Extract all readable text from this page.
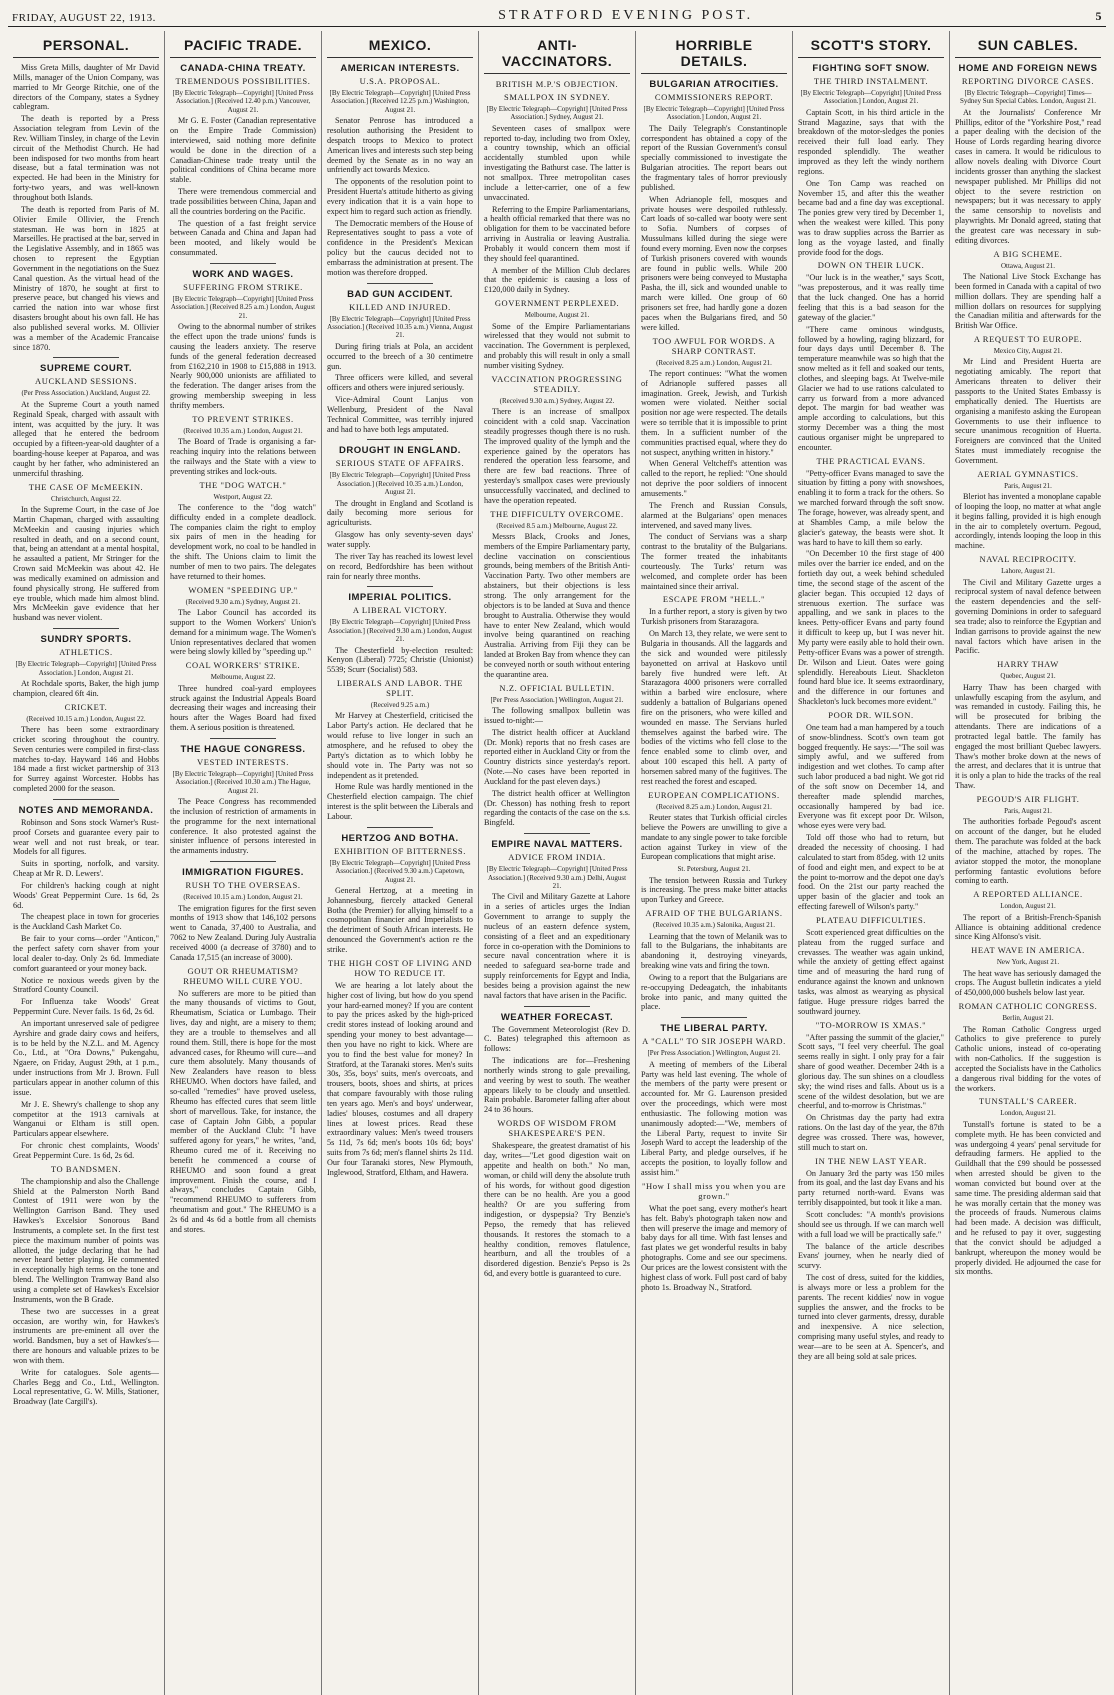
FRIDAY, AUGUST 22, 1913.	STRATFORD EVENING POST.	5
PERSONAL.

Miss Greta Mills, daughter of Mr David Mills, manager of the Union Company, was married to Mr George Ritchie, one of the directors of the Company, states a Sydney cablegram.

The death is reported by a Press Association telegram from Levin of the Rev. William Tinsley, in charge of the Levin circuit of the Methodist Church. He had been indisposed for two months from heart disease, but a fatal termination was not expected. He had been in the Ministry for forty-two years, and was well-known throughout both Islands.

The death is reported from Paris of M. Olivier Emile Ollivier, the French statesman. He was born in 1825 at Marseilles. He practised at the bar, served in the Legislative Assembly, and in 1865 was chosen to represent the Egyptian Government in the negotiations on the Suez Canal question. As the virtual head of the Ministry of 1870, he sought at first to preserve peace, but changed his views and carried the nation into war whose first disasters brought about his own fall. He has also published several works. M. Ollivier was a member of the Academic Francaise since 1870.

SUPREME COURT.
AUCKLAND SESSIONS.
(Per Press Association.) Auckland, August 22.

At the Supreme Court a youth named Reginald Speak, charged with assault with intent, was acquitted by the jury. It was alleged that he entered the bedroom occupied by a fifteen-year-old daughter of a boarding-house keeper at Paparoa, and was caught by her father, who administered an unmerciful thrashing.

THE CASE OF McMEEKIN.
Christchurch, August 22.

In the Supreme Court, in the case of Joe Martin Chapman, charged with assaulting McMeekin and causing injuries which resulted in death, and on a second count, that, being an attendant at a mental hospital, he assaulted a patient, Mr Stringer for the Crown said McMeekin was about 42. He was medically examined on admission and found physically strong. He suffered from eye trouble, which made him almost blind. Mrs McMeekin gave evidence that her husband was never violent.

SUNDRY SPORTS.
ATHLETICS.
[By Electric Telegraph—Copyright] [United Press Association.] London, August 21.

At Rochdale sports, Baker, the high jump champion, cleared 6ft 4in.

CRICKET.
(Received 10.15 a.m.) London, August 22.

There has been some extraordinary cricket scoring throughout the country. Seven centuries were compiled in first-class matches to-day. Hayward 146 and Hobbs 184 made a first wicket partnership of 313 for Surrey against Worcester. Hobbs has completed 2000 for the season.

NOTES AND MEMORANDA.

Robinson and Sons stock Warner's Rust-proof Corsets and guarantee every pair to wear well and not rust break, or tear. Models for all figures.

Suits in sporting, norfolk, and varsity. Cheap at Mr R. D. Lewers'.

For children's hacking cough at night Woods' Great Peppermint Cure. 1s 6d, 2s 6d.

The cheapest place in town for groceries is the Auckland Cash Market Co.

Be fair to your corns—order "Anticon," the perfect safety corn shaver from your local dealer to-day. Only 2s 6d. Immediate comfort guaranteed or your money back.

Notice re noxious weeds given by the Stratford County Council.

For Influenza take Woods' Great Peppermint Cure. Never fails. 1s 6d, 2s 6d.

An important unreserved sale of pedigree Ayrshire and grade dairy cows and heifers, is to be held by the N.Z.L. and M. Agency Co., Ltd., at "Ora Downs," Pukengahu, Ngaere, on Friday, August 29th, at 1 p.m., under instructions from Mr J. Brown. Full particulars appear in another column of this issue.

Mr J. E. Shewry's challenge to shop any competitor at the 1913 carnivals at Wanganui or Eltham is still open. Particulars appear elsewhere.

For chronic chest complaints, Woods' Great Peppermint Cure. 1s 6d, 2s 6d.

TO BANDSMEN.

The championship and also the Challenge Shield at the Palmerston North Band Contest of 1911 were won by the Wellington Garrison Band. They used Hawkes's Excelsior Sonorous Band Instruments, a complete set. In the first test piece the maximum number of points was allotted, the judge declaring that he had never heard better playing. He commented in exceptionally high terms on the tone and blend. The Wellington Tramway Band also using a complete set of Hawkes's Excelsior Instruments, won the B Grade.

These two are successes in a great occasion, are worthy win, for Hawkes's instruments are pre-eminent all over the world. Bandsmen, buy a set of Hawkes's—there are honours and valuable prizes to be won with them.

Write for catalogues. Sole agents—Charles Begg and Co., Ltd., Wellington. Local representative, G. W. Mills, Stationer, Broadway (late Cargill's).

PACIFIC TRADE.
CANADA-CHINA TREATY.
TREMENDOUS POSSIBILITIES.
[By Electric Telegraph—Copyright] [United Press Association.] (Received 12.40 p.m.) Vancouver, August 21.

Mr G. E. Foster (Canadian representative on the Empire Trade Commission) interviewed, said nothing more definite would be done in the direction of a Canadian-Chinese trade treaty until the political conditions of China became more stable.

There were tremendous commercial and trade possibilities between China, Japan and all the countries bordering on the Pacific.

The question of a fast freight service between Canada and China and Japan had been mooted, and likely would be consummated.

WORK AND WAGES.
SUFFERING FROM STRIKE.
[By Electric Telegraph—Copyright] [United Press Association.] (Received 8.25 a.m.) London, August 21.

Owing to the abnormal number of strikes the effect upon the trade unions' funds is causing the leaders anxiety. The reserve funds of the general federation decreased from £162,210 in 1908 to £15,888 in 1913. Nearly 900,000 unionists are affiliated to the federation. The danger arises from the growing membership sweeping in less thrifty members.

TO PREVENT STRIKES.
(Received 10.35 a.m.) London, August 21.

The Board of Trade is organising a far-reaching inquiry into the relations between the railways and the State with a view to preventing strikes and lock-outs.

THE "DOG WATCH."
Westport, August 22.

The conference to the "dog watch" difficulty ended in a complete deadlock. The companies claim the right to employ six pairs of men in the heading for development work, no coal to be handled in the shift. The Unions claim to limit the number of men to two pairs. The delegates have returned to their homes.

WOMEN "SPEEDING UP."
(Received 9.30 a.m.) Sydney, August 21.

The Labor Council has accorded its support to the Women Workers' Union's demand for a minimum wage. The Women's Union representatives declared that women were being slowly killed by "speeding up."

COAL WORKERS' STRIKE.
Melbourne, August 22.

Three hundred coal-yard employees struck against the Industrial Appeals Board decreasing their wages and increasing their hours after the Wages Board had fixed them. A serious position is threatened.

THE HAGUE CONGRESS.
VESTED INTERESTS.
[By Electric Telegraph—Copyright] [United Press Association.] (Received 10.30 a.m.) The Hague, August 21.

The Peace Congress has recommended the inclusion of restriction of armaments in the programme for the next international conference. It also protested against the sinister influence of persons interested in the armaments industry.

IMMIGRATION FIGURES.
RUSH TO THE OVERSEAS.
(Received 10.15 a.m.) London, August 21.

The emigration figures for the first seven months of 1913 show that 146,102 persons went to Canada, 37,400 to Australia, and 7062 to New Zealand. During July Australia received 4000 (a decrease of 3780) and to Canada 17,515 (an increase of 3000).

GOUT OR RHEUMATISM? RHEUMO WILL CURE YOU.

No sufferers are more to be pitied than the many thousands of victims to Gout, Rheumatism, Sciatica or Lumbago. Their lives, day and night, are a misery to them; they are a trouble to themselves and all round them. Still, there is hope for the most advanced cases, for Rheumo will cure—and cure them absolutely. Many thousands of New Zealanders have reason to bless RHEUMO. When doctors have failed, and so-called "remedies" have proved useless, Rheumo has effected cures that seem little short of marvellous. Take, for instance, the case of Captain John Gibb, a popular member of the Auckland Club: "I have suffered agony for years," he writes, "and, Rheumo cured me of it. Receiving no benefit he commenced a course of RHEUMO and soon found a great improvement. Finish the course, and I always," concludes Captain Gibb, "recommend RHEUMO to sufferers from rheumatism and gout." The RHEUMO is a 2s 6d and 4s 6d a bottle from all chemists and stores.

MEXICO.
AMERICAN INTERESTS.
U.S.A. PROPOSAL.
[By Electric Telegraph—Copyright] [United Press Association.] (Received 12.25 p.m.) Washington, August 21.

Senator Penrose has introduced a resolution authorising the President to despatch troops to Mexico to protect American lives and interests such step being deemed by the Senate as in no way an unfriendly act towards Mexico.

The opponents of the resolution point to President Huerta's attitude hitherto as giving every indication that it is a vain hope to expect him to regard such action as friendly.

The Democratic members of the House of Representatives sought to pass a vote of confidence in the President's Mexican policy but the caucus decided not to embarrass the administration at present. The motion was therefore dropped.

BAD GUN ACCIDENT.
KILLED AND INJURED.
[By Electric Telegraph—Copyright] [United Press Association.] (Received 10.35 a.m.) Vienna, August 21.

During firing trials at Pola, an accident occurred to the breech of a 30 centimetre gun.

Three officers were killed, and several officers and others were injured seriously.

Vice-Admiral Count Lanjus von Wellenburg, President of the Naval Technical Committee, was terribly injured and had to have both legs amputated.

DROUGHT IN ENGLAND.
SERIOUS STATE OF AFFAIRS.
[By Electric Telegraph—Copyright] [United Press Association.] (Received 10.35 a.m.) London, August 21.

The drought in England and Scotland is daily becoming more serious for agriculturists.

Glasgow has only seventy-seven days' water supply.

The river Tay has reached its lowest level on record, Bedfordshire has been without rain for nearly three months.

IMPERIAL POLITICS.
A LIBERAL VICTORY.
[By Electric Telegraph—Copyright] [United Press Association.] (Received 9.30 a.m.) London, August 21.

The Chesterfield by-election resulted: Kenyon (Liberal) 7725; Christie (Unionist) 5539; Scurr (Socialist) 583.

LIBERALS AND LABOR. THE SPLIT.
(Received 9.25 a.m.)

Mr Harvey at Chesterfield, criticised the Labor Party's action. He declared that he would refuse to live longer in such an atmosphere, and he refused to obey the Party's dictation as to which lobby he should vote in. The Party was not so independent as it pretended.

Home Rule was hardly mentioned in the Chesterfield election campaign. The chief interest is the split between the Liberals and Labour.

HERTZOG AND BOTHA.
EXHIBITION OF BITTERNESS.
[By Electric Telegraph—Copyright] [United Press Association.] (Received 9.30 a.m.) Capetown, August 21.

General Hertzog, at a meeting in Johannesburg, fiercely attacked General Botha (the Premier) for allying himself to a cosmopolitan financier and Imperialists to the detriment of South African interests. He denounced the Government's action re the strike.

THE HIGH COST OF LIVING AND HOW TO REDUCE IT.

We are hearing a lot lately about the higher cost of living, but how do you spend your hard-earned money? If you are content to pay the prices asked by the high-priced credit stores instead of looking around and spending your money to best advantage—then you have no right to kick. Where are you to find the best value for money? In Stratford, at the Taranaki stores. Men's suits 30s, 35s, boys' suits, men's overcoats, and trousers, boots, shoes and shirts, at prices that compare favourably with those ruling ten years ago. Men's and boys' underwear, ladies' blouses, costumes and all drapery lines at lowest prices. Read these extraordinary values: Men's tweed trousers 5s 11d, 7s 6d; men's boots 10s 6d; boys' suits from 7s 6d; men's flannel shirts 2s 11d. Our four Taranaki stores, New Plymouth, Inglewood, Stratford, Eltham, and Hawera.

ANTI-VACCINATORS.
BRITISH M.P.'S OBJECTION.
SMALLPOX IN SYDNEY.
[By Electric Telegraph—Copyright] [United Press Association.] Sydney, August 21.

Seventeen cases of smallpox were reported to-day, including two from Oxley, a country township, which an official accidentally stumbled upon while investigating the Bathurst case. The latter is not smallpox. Three metropolitan cases include a letter-carrier, one of a few unvaccinated.

Referring to the Empire Parliamentarians, a health official remarked that there was no obligation for them to be vaccinated before arriving in Australia or leaving Australia. Probably it would concern them most if they should feel quarantined.

A member of the Million Club declares that the epidemic is causing a loss of £120,000 daily in Sydney.

GOVERNMENT PERPLEXED.
Melbourne, August 21.

Some of the Empire Parliamentarians wirelessed that they would not submit to vaccination. The Government is perplexed, and probably this will result in only a small number visiting Sydney.

VACCINATION PROGRESSING STEADILY.
(Received 9.30 a.m.) Sydney, August 22.

There is an increase of smallpox coincident with a cold snap. Vaccination steadily progresses though there is no rush. The improved quality of the lymph and the experience gained by the operators has rendered the operation less fearsome, and there are few bad reactions. Three of yesterday's smallpox cases were previously unsuccessfully vaccinated, and declined to have the operation repeated.

THE DIFFICULTY OVERCOME.
(Received 8.5 a.m.) Melbourne, August 22.

Messrs Black, Crooks and Jones, members of the Empire Parliamentary party, decline vaccination on conscientious grounds, being members of the British Anti-Vaccination Party. Two other members are abstainers, but their objections is less strong. The only arrangement for the objectors is to be landed at Suva and thence brought to Australia. Otherwise they would have to enter New Zealand, which would involve being quarantined on reaching Australia. Arriving from Fiji they can be landed at Broken Bay from whence they can be conveyed north or south without entering the quarantine area.

N.Z. OFFICIAL BULLETIN.
[Per Press Association.] Wellington, August 21.

The following smallpox bulletin was issued to-night:—

The district health officer at Auckland (Dr. Monk) reports that no fresh cases are reported either in Auckland City or from the Country districts since yesterday's report. (Note.—No cases have been reported in Auckland for the past eleven days.)

The district health officer at Wellington (Dr. Chesson) has nothing fresh to report regarding the contacts of the case on the s.s. Bingfeld.

EMPIRE NAVAL MATTERS.
ADVICE FROM INDIA.
[By Electric Telegraph—Copyright] [United Press Association.] (Received 9.30 a.m.) Delhi, August 21.

The Civil and Military Gazette at Lahore in a series of articles urges the Indian Government to arrange to supply the nucleus of an eastern defence system, consisting of a fleet and an expeditionary force in co-operation with the Dominions to secure naval concentration where it is needed to safeguard sea-borne trade and supply reinforcements for Egypt and India, besides being a provision against the new naval factors that have arisen in the Pacific.

WEATHER FORECAST.

The Government Meteorologist (Rev D. C. Bates) telegraphed this afternoon as follows:

The indications are for—Freshening northerly winds strong to gale prevailing, and veering by west to south. The weather appears likely to be cloudy and unsettled. Rain probable. Barometer falling after about 24 to 36 hours.

WORDS OF WISDOM FROM SHAKESPEARE'S PEN.

Shakespeare, the greatest dramatist of his day, writes—"Let good digestion wait on appetite and health on both." No man, woman, or child will deny the absolute truth of his words, for without good digestion there can be no health. Are you a good health? Or are you suffering from indigestion, or dyspepsia? Try Benzie's Pepso, the remedy that has relieved thousands. It restores the stomach to a healthy condition, removes flatulence, heartburn, and all the troubles of a disordered digestion. Benzie's Pepso is 2s 6d, and every bottle is guaranteed to cure.

HORRIBLE DETAILS.
BULGARIAN ATROCITIES.
COMMISSIONERS REPORT.
[By Electric Telegraph—Copyright] [United Press Association.] London, August 21.

The Daily Telegraph's Constantinople correspondent has obtained a copy of the report of the Russian Government's consul specially commissioned to investigate the Bulgarian atrocities. The report bears out the fragmentary tales of horror previously published.

When Adrianople fell, mosques and private houses were despoiled ruthlessly. Cart loads of so-called war booty were sent to Sofia. Numbers of corpses of Mussulmans killed during the siege were found every morning. Even now the corpses of Turkish prisoners covered with wounds are found in public wells. While 200 prisoners were being conveyed to Mustapha Pasha, the ill, sick and wounded unable to march were killed. One group of 60 prisoners set free, had hardly gone a dozen paces when the Bulgarians fired, and 50 were killed.

TOO AWFUL FOR WORDS. A SHARP CONTRAST.
(Received 8.25 a.m.) London, August 21.

The report continues: "What the women of Adrianople suffered passes all imagination. Greek, Jewish, and Turkish women were violated. Neither social position nor age were respected. The details were so terrible that it is impossible to print them. In a sufficient number of the communities practised equal, where they do not suspect, anything written in history."

When General Veltcheff's attention was called to the report, he replied: "One should not deprive the poor soldiers of innocent amusements."

The French and Russian Consuls, alarmed at the Bulgarians' open menaces intervened, and saved many lives.

The conduct of Servians was a sharp contrast to the brutality of the Bulgarians. The former treated the inhabitants courteously. The Turks' return was welcomed, and complete order has been maintained since their arrival.

ESCAPE FROM "HELL."

In a further report, a story is given by two Turkish prisoners from Starazagora.

On March 13, they relate, we were sent to Bulgaria in thousands. All the laggards and the sick and wounded were pitilessly bayonetted on arrival at Haskovo until barely five hundred were left. At Starazagora 4000 prisoners were corralled within a barbed wire enclosure, where suddenly a battalion of Bulgarians opened fire on the prisoners, who were killed and wounded en masse. The Servians hurled themselves against the barbed wire. The bodies of the victims who fell close to the fence enabled some to climb over, and about 100 escaped this hell. A party of horsemen sabred many of the fugitives. The rest reached the forest and escaped.

EUROPEAN COMPLICATIONS.
(Received 8.25 a.m.) London, August 21.

Reuter states that Turkish official circles believe the Powers are unwilling to give a mandate to any single power to take forcible action against Turkey in view of the European complications that might arise.

St. Petersburg, August 21.

The tension between Russia and Turkey is increasing. The press make bitter attacks upon Turkey and Greece.

AFRAID OF THE BULGARIANS.
(Received 10.35 a.m.) Salonika, August 21.

Learning that the town of Melanik was to fall to the Bulgarians, the inhabitants are abandoning it, destroying vineyards, breaking wine vats and firing the town.

Owing to a report that the Bulgarians are re-occupying Dedeagatch, the inhabitants broke into panic, and many quitted the place.

THE LIBERAL PARTY.
A "CALL" TO SIR JOSEPH WARD.
[Per Press Association.] Wellington, August 21.

A meeting of members of the Liberal Party was held last evening. The whole of the members of the party were present or accounted for. Mr G. Laurenson presided over the proceedings, which were most enthusiastic. The following motion was unanimously adopted:—"We, members of the Liberal Party, request to invite Sir Joseph Ward to accept the leadership of the Liberal Party, and pledge ourselves, if he accepts the position, to loyally follow and assist him."

"How I shall miss you when you are grown."

What the poet sang, every mother's heart has felt. Baby's photograph taken now and then will preserve the image and memory of baby days for all time. With fast lenses and fast plates we get wonderful results in baby photographs. Come and see our specimens. Our prices are the lowest consistent with the highest class of work. Full post card of baby photo 1s. Broadway N., Stratford.

SCOTT'S STORY.
FIGHTING SOFT SNOW.
THE THIRD INSTALMENT.
[By Electric Telegraph—Copyright] [United Press Association.] London, August 21.

Captain Scott, in his third article in the Strand Magazine, says that with the breakdown of the motor-sledges the ponies received their full load early. They responded splendidly. The weather improved as they left the windy northern regions.

One Ton Camp was reached on November 15, and after this the weather became bad and a fine day was exceptional. The ponies grew very tired by December 1, when the weakest were killed. This pony was to draw supplies across the Barrier as long as the voyage lasted, and finally provide food for the dogs.

DOWN ON THEIR LUCK.

"Our luck is in the weather," says Scott, "was preposterous, and it was really time that the luck changed. One has a horrid feeling that this is a bad season for the gateway of the glacier."

"There came ominous windgusts, followed by a howling, raging blizzard, for four days days until December 8. The temperature meanwhile was so high that the snow melted as it fell and soaked our tents, clothes, and sleeping bags. At Twelve-mile Glacier we had to use rations calculated to carry us forward from a more advanced depot. The margin for bad weather was ample according to calculations, but this stormy December was a thing the most cautious organiser might be unprepared to encounter.

THE PRACTICAL EVANS.

"Petty-officer Evans managed to save the situation by fitting a pony with snowshoes, enabling it to form a track for the others. So we marched forward through the soft snow. The forage, however, was already spent, and at Shambles Camp, a mile below the glacier's gateway, the beasts were shot. It was hard to have to kill them so early.

"On December 10 the first stage of 400 miles over the barrier ice ended, and on the fortieth day out, a week behind scheduled time, the second stage of the ascent of the glacier began. This occupied 12 days of strenuous exertion. The surface was appalling, and we sank in places to the knees. Petty-officer Evans and party found it difficult to keep up, but I was never hit. My party were easily able to hold their own. Petty-officer Evans was a power of strength. Dr. Wilson and Lieut. Oates were going splendidly. Hereabouts Lieut. Shackleton found hard blue ice. It seems extraordinary, and the difference in our fortunes and Shackleton's luck becomes more evident."

POOR DR. WILSON.

One team had a man hampered by a touch of snow-blindness. Scott's own team got bogged frequently. He says:—"The soil was simply awful, and we suffered from indigestion and wet clothes. To camp after such labor produced a bad night. We got rid of the soft snow on December 14, and thereafter made splendid marches, occasionally hampered by bad ice. Everyone was fit except poor Dr. Wilson, whose eyes were very bad.

Told off those who had to return, but dreaded the necessity of choosing. I had calculated to start from 85deg. with 12 units of food and eight men, and expect to be at the point to-morrow and the depot one day's food. On the 21st our party reached the upper basin of the glacier and took an effecting farewell of Wilson's party."

PLATEAU DIFFICULTIES.

Scott experienced great difficulties on the plateau from the rugged surface and crevasses. The weather was again unkind, while the anxiety of getting effect against time and of measuring the hard rung of endurance against the known and unknown tasks, was almost as wearying as physical fatigue. Huge pressure ridges barred the southward journey.

"TO-MORROW IS XMAS."

"After passing the summit of the glacier," Scott says, "I feel very cheerful. The goal seems really in sight. I only pray for a fair share of good weather. December 24th is a glorious day. The sun shines on a cloudless sky; the wind rises and falls. About us is a scene of the wildest desolation, but we are cheerful, and to-morrow is Christmas."

On Christmas day the party had extra rations. On the last day of the year, the 87th degree was crossed. There was, however, still much to start on.

IN THE NEW LAST YEAR.

On January 3rd the party was 150 miles from its goal, and the last day Evans and his party returned north-ward. Evans was terribly disappointed, but took it like a man.

Scott concludes: "A month's provisions should see us through. If we can march well with a full load we will be practically safe."

The balance of the article describes Evans' journey, when he nearly died of scurvy.

The cost of dress, suited for the kiddies, is always more or less a problem for the parents. The recent kiddies' now in vogue supplies the answer, and the frocks to be turned into clever garments, dressy, durable and inexpensive. A nice selection, comprising many useful styles, and ready to wear—are to be seen at A. Spencer's, and they are all being sold at sale prices.

SUN CABLES.
HOME AND FOREIGN NEWS
REPORTING DIVORCE CASES.
[By Electric Telegraph—Copyright] Times—Sydney Sun Special Cables. London, August 21.

At the Journalists' Conference Mr Phillips, editor of the "Yorkshire Post," read a paper dealing with the decision of the House of Lords regarding hearing divorce cases in camera. It would be ridiculous to allow novels dealing with Divorce Court incidents grosser than anything the slackest newspaper published. Mr Phillips did not object to the severe restriction on newspapers; but it was necessary to apply the same censorship to novelists and playwrights. Mr Donald agreed, stating that the greatest care was necessary in sub-editing divorces.

A BIG SCHEME.
Ottawa, August 21.

The National Live Stock Exchange has been formed in Canada with a capital of two million dollars. They are spending half a million dollars on resources for supplying the Canadian militia and afterwards for the British War Office.

A REQUEST TO EUROPE.
Mexico City, August 21.

Mr Lind and President Huerta are negotiating amicably. The report that Americans threaten to deliver their passports to the United States Embassy is emphatically denied. The Huertists are organising a manifesto asking the European Governments to use their influence to secure unanimous recognition of Huerta. Foreigners are convinced that the United States must immediately recognise the Government.

AERIAL GYMNASTICS.
Paris, August 21.

Bleriot has invented a monoplane capable of looping the loop, no matter at what angle it begins falling, provided it is high enough in the air to completely overturn. Pegoud, accordingly, intends looping the loop in this machine.

NAVAL RECIPROCITY.
Lahore, August 21.

The Civil and Military Gazette urges a reciprocal system of naval defence between the eastern dependencies and the self-governing Dominions in order to safeguard sea trade; also to reinforce the Egyptian and Indian garrisons to provide against the new naval factors which have arisen in the Pacific.

HARRY THAW
Quebec, August 21.

Harry Thaw has been charged with unlawfully escaping from the asylum, and was remanded in custody. Failing this, he will be prosecuted for bribing the attendants. There are indications of a protracted legal battle. The family has engaged the most brilliant Quebec lawyers. Thaw's mother broke down at the news of the arrest, and declares that it is untrue that it is only a plan to hide the tracks of the real Thaw.

PEGOUD'S AIR FLIGHT.
Paris, August 21.

The authorities forbade Pegoud's ascent on account of the danger, but he eluded them. The parachute was folded at the back of the machine, attached by ropes. The aviator stopped the motor, the monoplane performing fantastic evolutions before coming to earth.

A REPORTED ALLIANCE.
London, August 21.

The report of a British-French-Spanish Alliance is obtaining additional credence since King Alfonso's visit.

HEAT WAVE IN AMERICA.
New York, August 21.

The heat wave has seriously damaged the crops. The August bulletin indicates a yield of 450,000,000 bushels below last year.

ROMAN CATHOLIC CONGRESS.
Berlin, August 21.

The Roman Catholic Congress urged Catholics to give preference to purely Catholic unions, instead of co-operating with non-Catholics. If the suggestion is accepted the Socialists have in the Catholics a dangerous rival bidding for the votes of the workers.

TUNSTALL'S CAREER.
London, August 21.

Tunstall's fortune is stated to be a complete myth. He has been convicted and was undergoing 4 years' penal servitude for defrauding farmers. He applied to the Guildhall that the £99 should be possessed when arrested should be given to the woman convicted but bound over at the same time. The presiding alderman said that he was morally certain that the money was the proceeds of frauds. Numerous claims had been made. A decision was difficult, and he refused to pay it over, suggesting that the convict should be adjudged a bankrupt, whereupon the money would be properly divided. He adjourned the case for six months.
